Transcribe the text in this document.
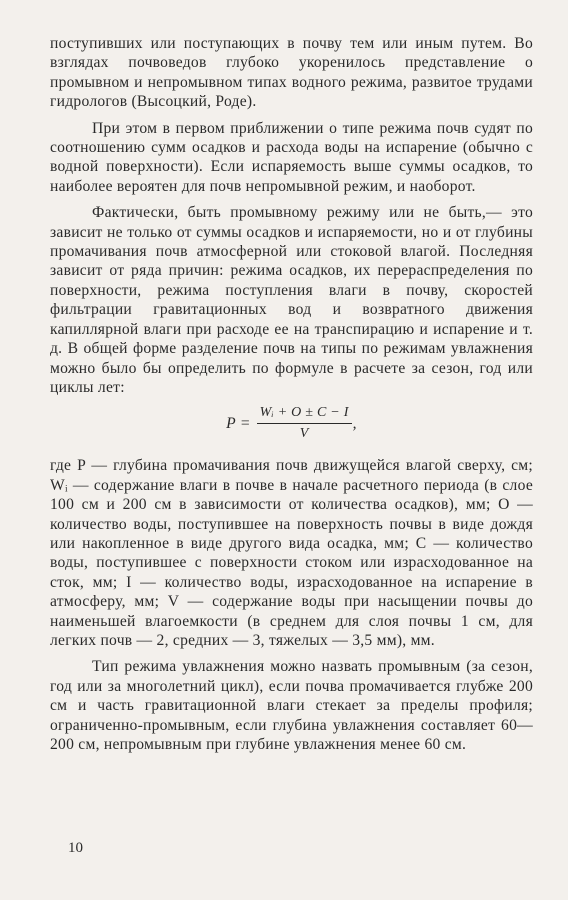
поступивших или поступающих в почву тем или иным путем. Во взглядах почвоведов глубоко укоренилось представление о промывном и непромывном типах водного режима, развитое трудами гидрологов (Высоцкий, Роде).

При этом в первом приближении о типе режима почв судят по соотношению сумм осадков и расхода воды на испарение (обычно с водной поверхности). Если испаряемость выше суммы осадков, то наиболее вероятен для почв непромывной режим, и наоборот.

Фактически, быть промывному режиму или не быть,— это зависит не только от суммы осадков и испаряемости, но и от глубины промачивания почв атмосферной или стоковой влагой. Последняя зависит от ряда причин: режима осадков, их перераспределения по поверхности, режима поступления влаги в почву, скоростей фильтрации гравитационных вод и возвратного движения капиллярной влаги при расходе ее на транспирацию и испарение и т. д. В общей форме разделение почв на типы по режимам увлажнения можно было бы определить по формуле в расчете за сезон, год или циклы лет:

$P = \frac{\text{Wᵢ + O ± C − I}}{V}$ ,

где P — глубина промачивания почв движущейся влагой сверху, см; Wᵢ — содержание влаги в почве в начале расчетного периода (в слое 100 см и 200 см в зависимости от количества осадков), мм; O — количество воды, поступившее на поверхность почвы в виде дождя или накопленное в виде другого вида осадка, мм; C — количество воды, поступившее с поверхности стоком или израсходованное на сток, мм; I — количество воды, израсходованное на испарение в атмосферу, мм; V — содержание воды при насыщении почвы до наименьшей влагоемкости (в среднем для слоя почвы 1 см, для легких почв — 2, средних — 3, тяжелых — 3,5 мм), мм.

Тип режима увлажнения можно назвать промывным (за сезон, год или за многолетний цикл), если почва промачивается глубже 200 см и часть гравитационной влаги стекает за пределы профиля; ограниченно-промывным, если глубина увлажнения составляет 60—200 см, непромывным при глубине увлажнения менее 60 см.

10
